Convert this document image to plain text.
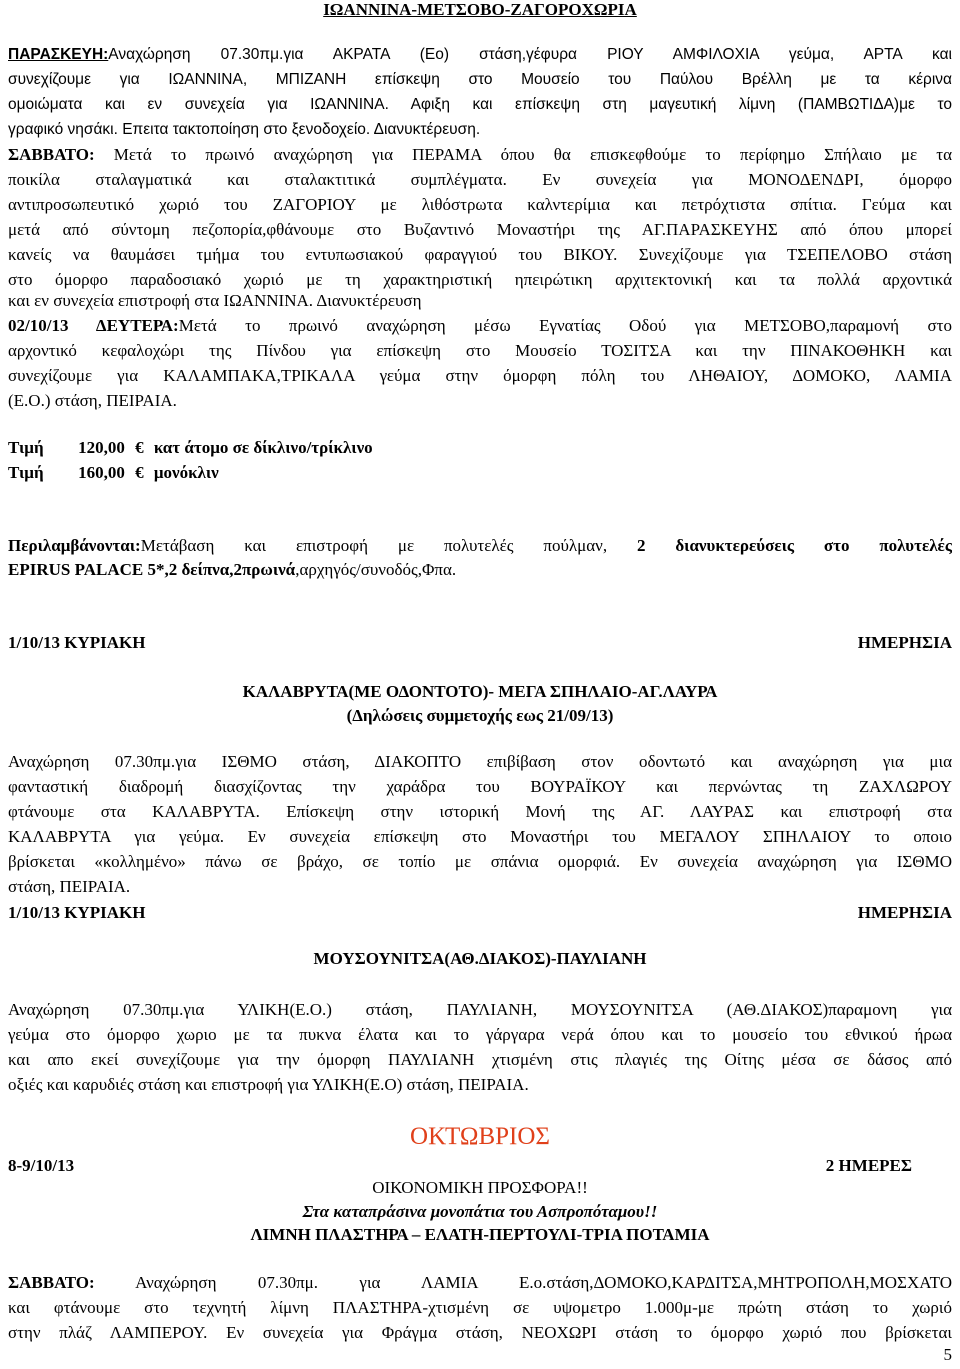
ΙΩΑΝΝΙΝΑ-ΜΕΤΣΟΒΟ-ΖΑΓΟΡΟΧΩΡΙΑ
ΠΑΡΑΣΚΕΥΗ:Αναχώρηση 07.30πμ.για ΑΚΡΑΤΑ (Εο) στάση,γέφυρα ΡΙΟΥ ΑΜΦΙΛΟΧΙΑ γεύμα, ΑΡΤΑ και
συνεχίζουμε για ΙΩΑΝΝΙΝΑ, ΜΠΙΖΑΝΗ επίσκεψη στο Μουσείο του Παύλου Βρέλλη με τα κέρινα
ομοιώματα και εν συνεχεία για ΙΩΑΝΝΙΝΑ. Αφιξη και επίσκεψη στη μαγευτική λίμνη (ΠΑΜΒΩΤΙΔΑ)με το
γραφικό νησάκι. Επειτα τακτοποίηση στο ξενοδοχείο. Διανυκτέρευση.
ΣΑΒΒΑΤΟ: Μετά το πρωινό αναχώρηση για ΠΕΡΑΜΑ όπου θα επισκεφθούμε το περίφημο Σπήλαιο με τα
ποικίλα σταλαγματικά και σταλακτιτικά συμπλέγματα. Εν συνεχεία για ΜΟΝΟΔΕΝΔΡΙ, όμορφο
αντιπροσωπευτικό χωριό του ΖΑΓΟΡΙΟΥ με λιθόστρωτα καλντερίμια και πετρόχτιστα σπίτια. Γεύμα και
μετά από σύντομη πεζοπορία,φθάνουμε στο Βυζαντινό Μοναστήρι της ΑΓ.ΠΑΡΑΣΚΕΥΗΣ από όπου μπορεί
κανείς να θαυμάσει τμήμα του εντυπωσιακού φαραγγιού του ΒΙΚΟΥ. Συνεχίζουμε για ΤΣΕΠΕΛΟΒΟ στάση
στο όμορφο παραδοσιακό χωριό με τη χαρακτηριστική ηπειρώτικη αρχιτεκτονική και τα πολλά αρχοντικά
και εν συνεχεία επιστροφή στα ΙΩΑΝΝΙΝΑ. Διανυκτέρευση
02/10/13 ΔΕΥΤΕΡΑ:Μετά το πρωινό αναχώρηση μέσω Εγνατίας Οδού για ΜΕΤΣΟΒΟ,παραμονή στο
αρχοντικό κεφαλοχώρι της Πίνδου για επίσκεψη στο Μουσείο ΤΟΣΙΤΣΑ και την ΠΙΝΑΚΟΘΗΚΗ και
συνεχίζουμε για ΚΑΛΑΜΠΑΚΑ,ΤΡΙΚΑΛΑ γεύμα στην όμορφη πόλη του ΛΗΘΑΙΟΥ, ΔΟΜΟΚΟ, ΛΑΜΙΑ
(Ε.Ο.) στάση, ΠΕΙΡΑΙΑ.
Τιμή 120,00 € κατ άτομο σε δίκλινο/τρίκλινο
Τιμή 160,00 € μονόκλιν
Περιλαμβάνονται:Μετάβαση και επιστροφή με πολυτελές πούλμαν, 2 διανυκτερεύσεις στο πολυτελές
EPIRUS PALACE 5*,2 δείπνα,2πρωινά,αρχηγός/συνοδός,Φπα.
1/10/13 ΚΥΡΙΑΚΗ	ΗΜΕΡΗΣΙΑ
ΚΑΛΑΒΡΥΤΑ(ΜΕ ΟΔΟΝΤΟΤΟ)- ΜΕΓΑ ΣΠΗΛΑΙΟ-ΑΓ.ΛΑΥΡΑ
(Δηλώσεις συμμετοχής εως 21/09/13)
Αναχώρηση 07.30πμ.για ΙΣΘΜΟ στάση, ΔΙΑΚΟΠΤΟ επιβίβαση στον οδοντωτό και αναχώρηση για μια
φανταστική διαδρομή διασχίζοντας την χαράδρα του ΒΟΥΡΑΪΚΟΥ και περνώντας τη ΖΑΧΛΩΡΟΥ
φτάνουμε στα ΚΑΛΑΒΡΥΤΑ. Επίσκεψη στην ιστορική Μονή της ΑΓ. ΛΑΥΡΑΣ και επιστροφή στα
ΚΑΛΑΒΡΥΤΑ για γεύμα. Εν συνεχεία επίσκεψη στο Μοναστήρι του ΜΕΓΑΛΟΥ ΣΠΗΛΑΙΟΥ το οποιο
βρίσκεται «κολλημένο» πάνω σε βράχο, σε τοπίο με σπάνια ομορφιά. Εν συνεχεία αναχώρηση για ΙΣΘΜΟ
στάση, ΠΕΙΡΑΙΑ.
1/10/13 ΚΥΡΙΑΚΗ	ΗΜΕΡΗΣΙΑ
ΜΟΥΣΟΥΝΙΤΣΑ(ΑΘ.ΔΙΑΚΟΣ)-ΠΑΥΛΙΑΝΗ
Αναχώρηση 07.30πμ.για ΥΛΙΚΗ(Ε.Ο.) στάση, ΠΑΥΛΙΑΝΗ, ΜΟΥΣΟΥΝΙΤΣΑ (ΑΘ.ΔΙΑΚΟΣ)παραμονη για
γεύμα στο όμορφο χωριο με τα πυκνα έλατα και το γάργαρα νερά όπου και το μουσείο του εθνικού ήρωα
και απο εκεί συνεχίζουμε για την όμορφη ΠΑΥΛΙΑΝΗ χτισμένη στις πλαγιές της Οίτης μέσα σε δάσος από
οξιές και καρυδιές στάση και επιστροφή για ΥΛΙΚΗ(Ε.Ο) στάση, ΠΕΙΡΑΙΑ.
ΟΚΤΩΒΡΙΟΣ
8-9/10/13	2 ΗΜΕΡΕΣ
ΟΙΚΟΝΟΜΙΚΗ ΠΡΟΣΦΟΡΑ!!
Στα καταπράσινα μονοπάτια του Ασπροπόταμου!!
ΛΙΜΝΗ ΠΛΑΣΤΗΡΑ – ΕΛΑΤΗ-ΠΕΡΤΟΥΛΙ-ΤΡΙΑ ΠΟΤΑΜΙΑ
ΣΑΒΒΑΤΟ: Αναχώρηση 07.30πμ. για ΛΑΜΙΑ Ε.ο.στάση,ΔΟΜΟΚΟ,ΚΑΡΔΙΤΣΑ,ΜΗΤΡΟΠΟΛΗ,ΜΟΣΧΑΤΟ
και φτάνουμε στο τεχνητή λίμνη ΠΛΑΣΤΗΡΑ-χτισμένη σε υψομετρο 1.000μ-με πρώτη στάση το χωριό
στην πλάζ ΛΑΜΠΕΡΟΥ. Εν συνεχεία για Φράγμα στάση, ΝΕΟΧΩΡΙ στάση το όμορφο χωριό που βρίσκεται
5
